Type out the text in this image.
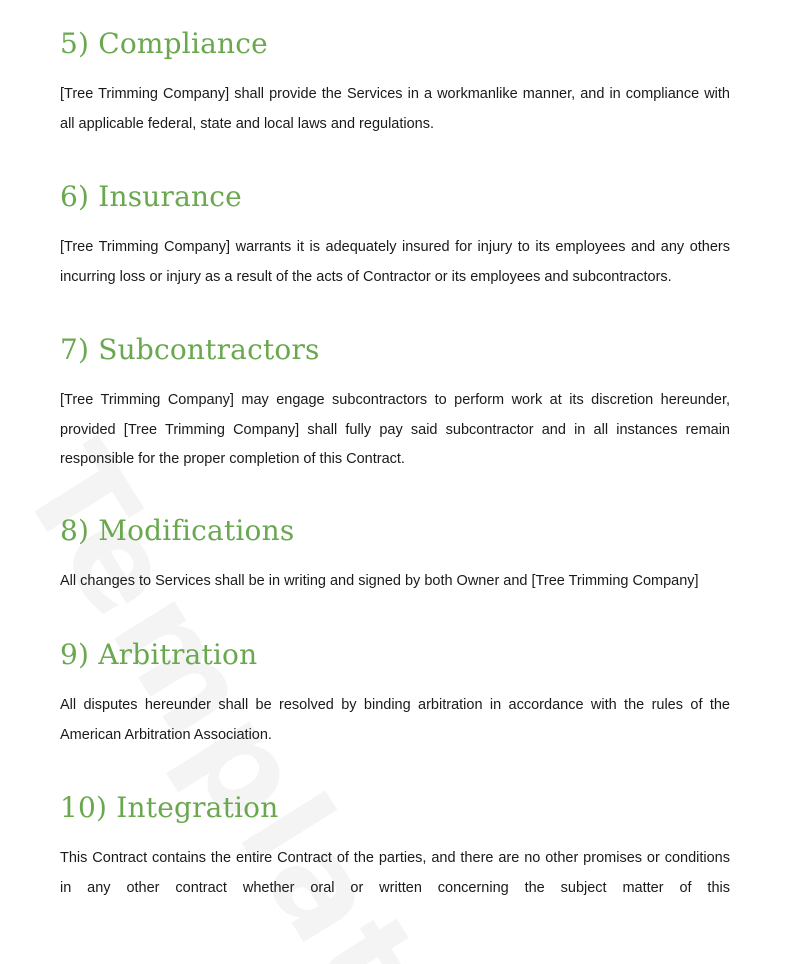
5) Compliance

[Tree Trimming Company] shall provide the Services in a workmanlike manner, and in compliance with all applicable federal, state and local laws and regulations.

6) Insurance

[Tree Trimming Company] warrants it is adequately insured for injury to its employees and any others incurring loss or injury as a result of the acts of Contractor or its employees and subcontractors.

7) Subcontractors

[Tree Trimming Company] may engage subcontractors to perform work at its discretion hereunder, provided [Tree Trimming Company] shall fully pay said subcontractor and in all instances remain responsible for the proper completion of this Contract.

8) Modifications

All changes to Services shall be in writing and signed by both Owner and [Tree Trimming Company]

9) Arbitration

All disputes hereunder shall be resolved by binding arbitration in accordance with the rules of the American Arbitration Association.

10) Integration

This Contract contains the entire Contract of the parties, and there are no other promises or conditions in any other contract whether oral or written concerning the subject matter of this
